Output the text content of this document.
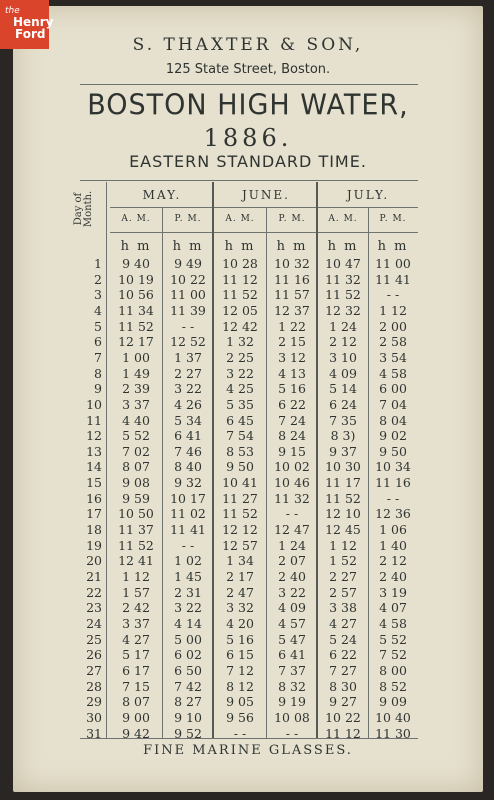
the
Henry
Ford
S. THAXTER & SON,
125 State Street, Boston.
BOSTON HIGH WATER,
1886.
EASTERN STANDARD TIME.
Day of Month.	MAY.	JUNE.	JULY.
A. M.	P. M.	A. M.	P. M.	A. M.	P. M.
h m	h m	h m	h m	h m	h m
1	9 40	9 49	10 28	10 32	10 47	11 00
2	10 19	10 22	11 12	11 16	11 32	11 41
3	10 56	11 00	11 52	11 57	11 52	- -
4	11 34	11 39	12 05	12 37	12 32	1 12
5	11 52	- -	12 42	1 22	1 24	2 00
6	12 17	12 52	1 32	2 15	2 12	2 58
7	1 00	1 37	2 25	3 12	3 10	3 54
8	1 49	2 27	3 22	4 13	4 09	4 58
9	2 39	3 22	4 25	5 16	5 14	6 00
10	3 37	4 26	5 35	6 22	6 24	7 04
11	4 40	5 34	6 45	7 24	7 35	8 04
12	5 52	6 41	7 54	8 24	8 3)	9 02
13	7 02	7 46	8 53	9 15	9 37	9 50
14	8 07	8 40	9 50	10 02	10 30	10 34
15	9 08	9 32	10 41	10 46	11 17	11 16
16	9 59	10 17	11 27	11 32	11 52	- -
17	10 50	11 02	11 52	- -	12 10	12 36
18	11 37	11 41	12 12	12 47	12 45	1 06
19	11 52	- -	12 57	1 24	1 12	1 40
20	12 41	1 02	1 34	2 07	1 52	2 12
21	1 12	1 45	2 17	2 40	2 27	2 40
22	1 57	2 31	2 47	3 22	2 57	3 19
23	2 42	3 22	3 32	4 09	3 38	4 07
24	3 37	4 14	4 20	4 57	4 27	4 58
25	4 27	5 00	5 16	5 47	5 24	5 52
26	5 17	6 02	6 15	6 41	6 22	7 52
27	6 17	6 50	7 12	7 37	7 27	8 00
28	7 15	7 42	8 12	8 32	8 30	8 52
29	8 07	8 27	9 05	9 19	9 27	9 09
30	9 00	9 10	9 56	10 08	10 22	10 40
31	9 42	9 52	- -	- -	11 12	11 30
FINE MARINE GLASSES.
